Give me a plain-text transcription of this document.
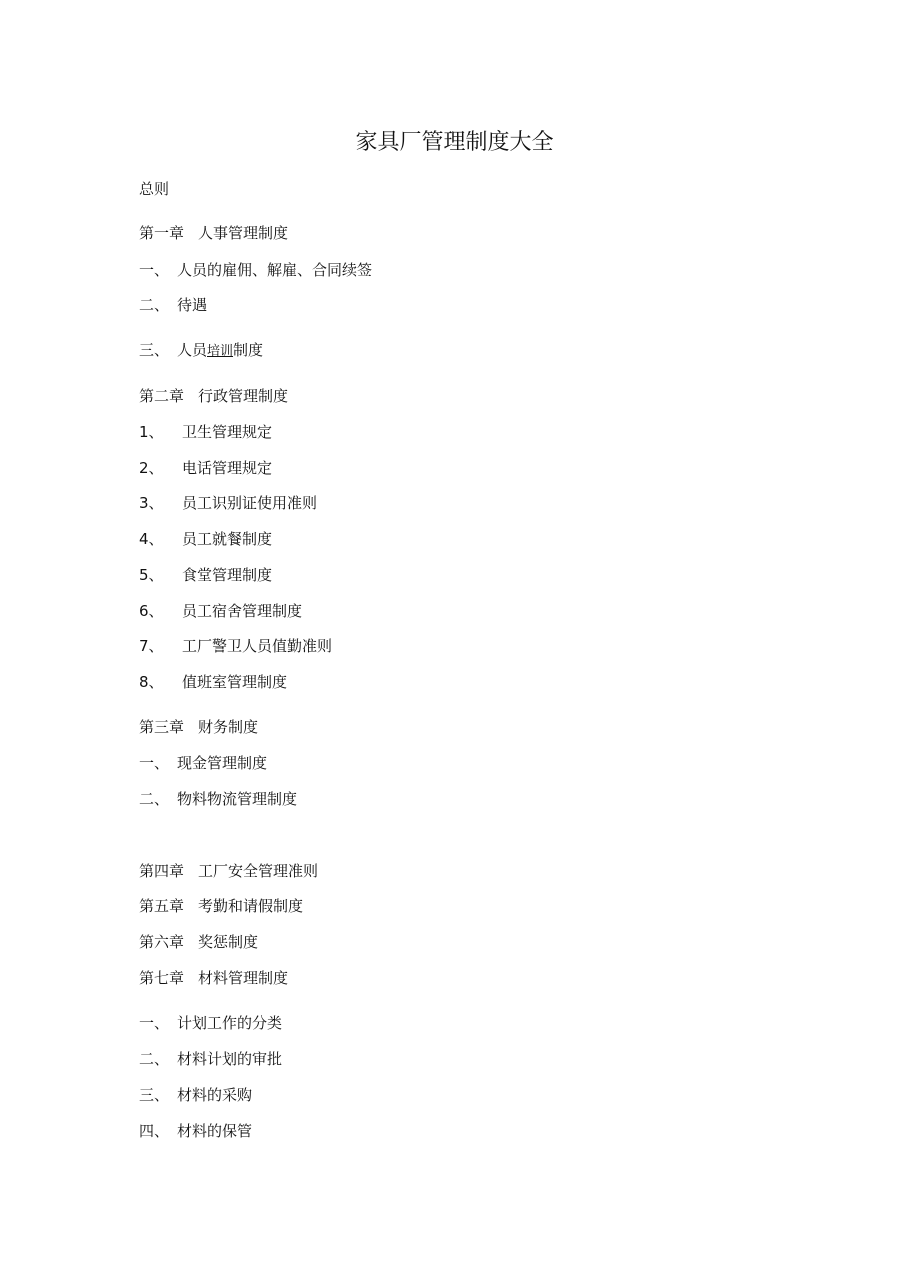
家具厂管理制度大全
总则
第一章 人事管理制度
一、 人员的雇佣、解雇、合同续签
二、 待遇
三、 人员培训制度
第二章 行政管理制度
1、 卫生管理规定
2、 电话管理规定
3、 员工识别证使用准则
4、 员工就餐制度
5、 食堂管理制度
6、 员工宿舍管理制度
7、 工厂警卫人员值勤准则
8、 值班室管理制度
第三章 财务制度
一、 现金管理制度
二、 物料物流管理制度
第四章 工厂安全管理准则
第五章 考勤和请假制度
第六章 奖惩制度
第七章 材料管理制度
一、 计划工作的分类
二、 材料计划的审批
三、 材料的采购
四、 材料的保管
